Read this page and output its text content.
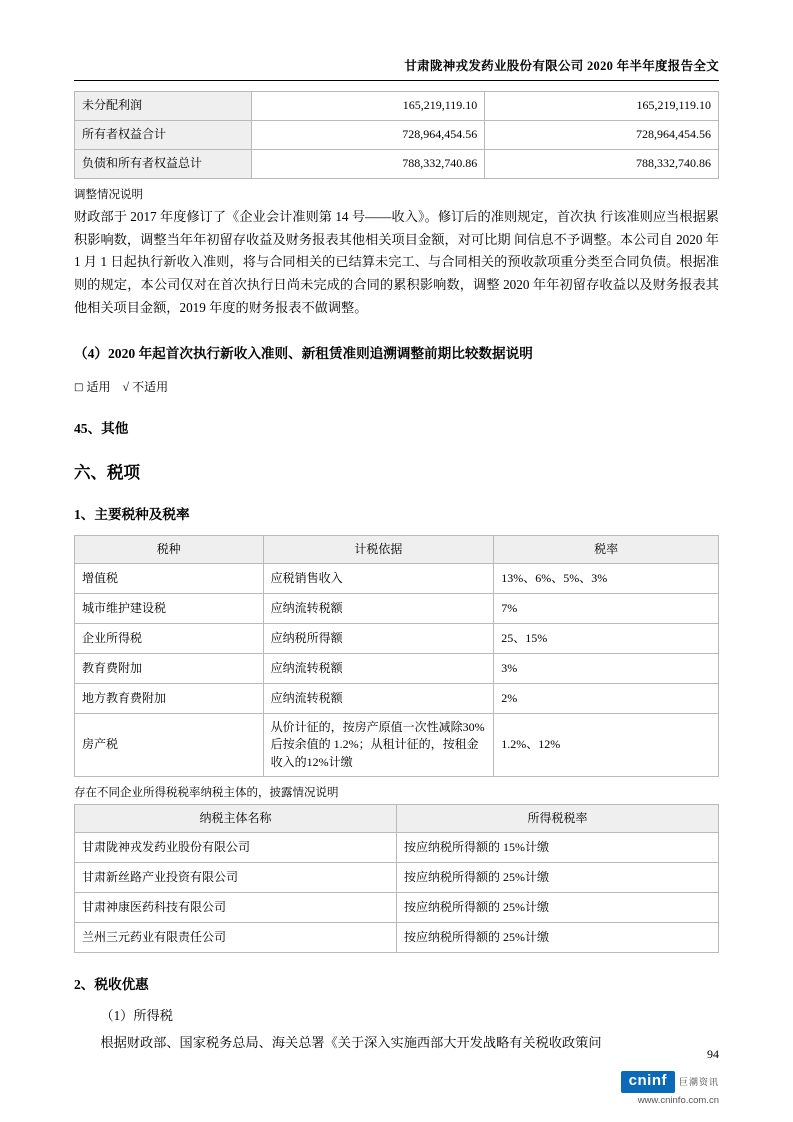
甘肃陇神戎发药业股份有限公司 2020 年半年度报告全文
未分配利润	165,219,119.10	165,219,119.10
所有者权益合计	728,964,454.56	728,964,454.56
负债和所有者权益总计	788,332,740.86	788,332,740.86
调整情况说明

财政部于 2017 年度修订了《企业会计准则第 14 号——收入》。修订后的准则规定，首次执 行该准则应当根据累积影响数，调整当年年初留存收益及财务报表其他相关项目金额，对可比期 间信息不予调整。本公司自 2020 年 1 月 1 日起执行新收入准则，将与合同相关的已结算未完工、与合同相关的预收款项重分类至合同负债。根据准则的规定，本公司仅对在首次执行日尚未完成的合同的累积影响数，调整 2020 年年初留存收益以及财务报表其他相关项目金额，2019 年度的财务报表不做调整。

（4）2020 年起首次执行新收入准则、新租赁准则追溯调整前期比较数据说明
□ 适用 √ 不适用
45、其他
六、税项
1、主要税种及税率
税种	计税依据	税率
增值税	应税销售收入	13%、6%、5%、3%
城市维护建设税	应纳流转税额	7%
企业所得税	应纳税所得额	25、15%
教育费附加	应纳流转税额	3%
地方教育费附加	应纳流转税额	2%
房产税	从价计征的，按房产原值一次性减除30%后按余值的 1.2%；从租计征的，按租金收入的12%计缴	1.2%、12%
存在不同企业所得税税率纳税主体的，披露情况说明
纳税主体名称	所得税税率
甘肃陇神戎发药业股份有限公司	按应纳税所得额的 15%计缴
甘肃新丝路产业投资有限公司	按应纳税所得额的 25%计缴
甘肃神康医药科技有限公司	按应纳税所得额的 25%计缴
兰州三元药业有限责任公司	按应纳税所得额的 25%计缴
2、税收优惠

（1）所得税

根据财政部、国家税务总局、海关总署《关于深入实施西部大开发战略有关税收政策问

94
cninf 巨潮资讯
www.cninfo.com.cn
